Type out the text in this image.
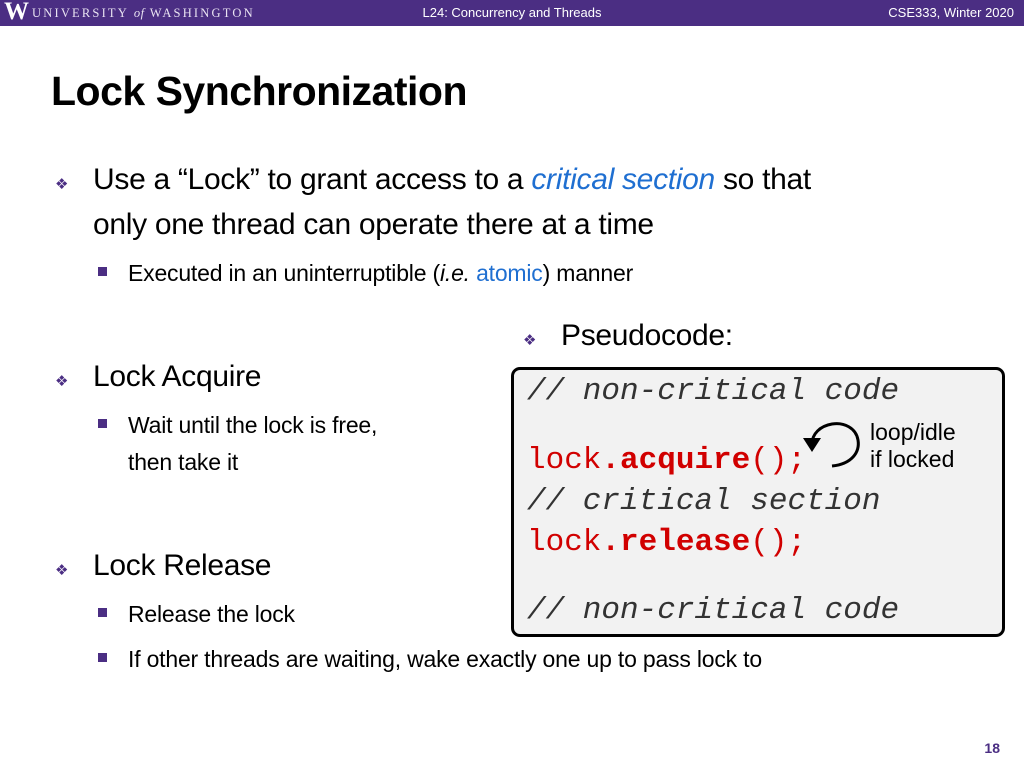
W UNIVERSITY of WASHINGTON	L24: Concurrency and Threads	CSE333, Winter 2020
Lock Synchronization
❖ Use a “Lock” to grant access to a critical section so that
only one thread can operate there at a time
Executed in an uninterruptible (i.e. atomic) manner
❖ Pseudocode:
❖ Lock Acquire
Wait until the lock is free,
then take it
❖ Lock Release
Release the lock
If other threads are waiting, wake exactly one up to pass lock to
// non-critical code
lock.acquire();
// critical section
lock.release();
// non-critical code
loop/idle
if locked
18
